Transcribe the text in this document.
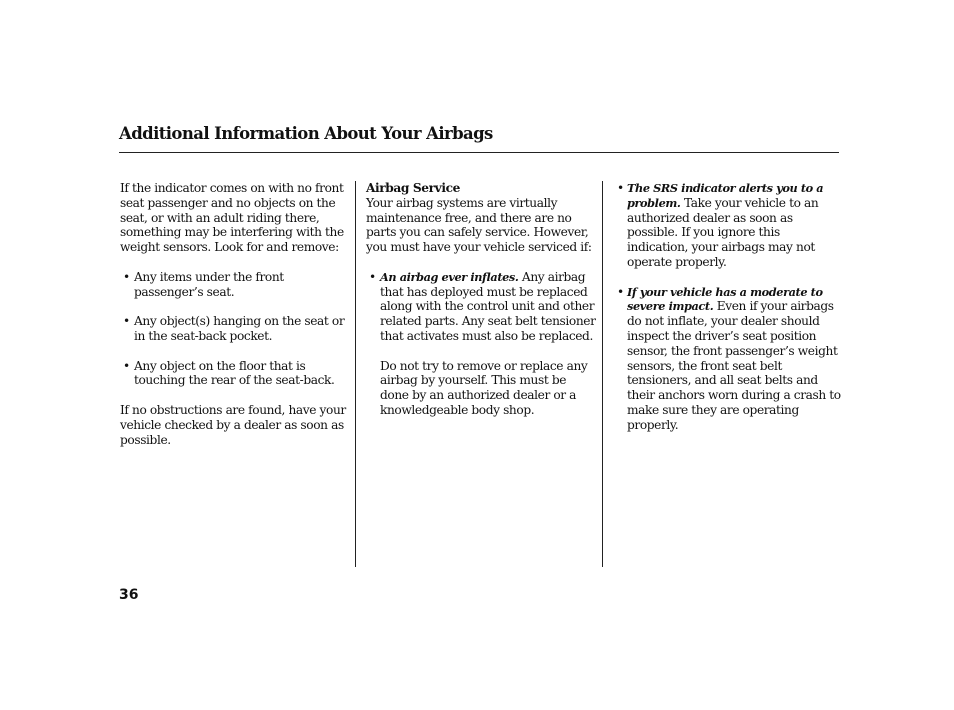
Additional Information About Your Airbags

If the indicator comes on with no front seat passenger and no objects on the seat, or with an adult riding there, something may be interfering with the weight sensors. Look for and remove:

• Any items under the front passenger’s seat.
• Any object(s) hanging on the seat or in the seat-back pocket.
• Any object on the floor that is touching the rear of the seat-back.

If no obstructions are found, have your vehicle checked by a dealer as soon as possible.

Airbag Service

Your airbag systems are virtually maintenance free, and there are no parts you can safely service. However, you must have your vehicle serviced if:

• An airbag ever inflates. Any airbag that has deployed must be replaced along with the control unit and other related parts. Any seat belt tensioner that activates must also be replaced.

Do not try to remove or replace any airbag by yourself. This must be done by an authorized dealer or a knowledgeable body shop.

• The SRS indicator alerts you to a problem. Take your vehicle to an authorized dealer as soon as possible. If you ignore this indication, your airbags may not operate properly.
• If your vehicle has a moderate to severe impact. Even if your airbags do not inflate, your dealer should inspect the driver’s seat position sensor, the front passenger’s weight sensors, the front seat belt tensioners, and all seat belts and their anchors worn during a crash to make sure they are operating properly.
36
